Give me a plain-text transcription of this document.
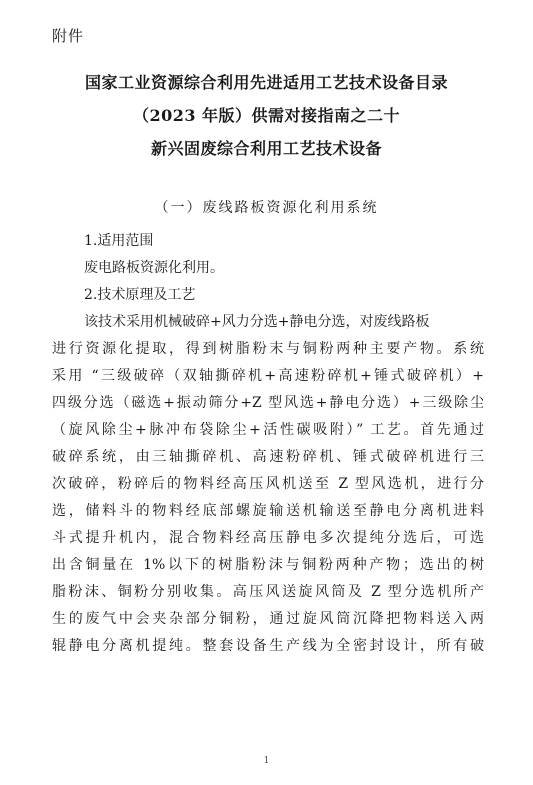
附件
国家工业资源综合利用先进适用工艺技术设备目录
（2023 年版）供需对接指南之二十
新兴固废综合利用工艺技术设备
（一）废线路板资源化利用系统
1.适用范围
废电路板资源化利用。
2.技术原理及工艺
该技术采用机械破碎+风力分选+静电分选，对废线路板
进行资源化提取，得到树脂粉末与铜粉两种主要产物。系统
采用 “三级破碎（双轴撕碎机+高速粉碎机+锤式破碎机）+
四级分选（磁选+振动筛分+Z 型风选+静电分选）+三级除尘
（旋风除尘+脉冲布袋除尘+活性碳吸附）” 工艺。首先通过
破碎系统，由三轴撕碎机、高速粉碎机、锤式破碎机进行三
次破碎，粉碎后的物料经高压风机送至 Z 型风选机，进行分
选，储料斗的物料经底部螺旋输送机输送至静电分离机进料
斗式提升机内，混合物料经高压静电多次提纯分选后，可选
出含铜量在 1%以下的树脂粉沫与铜粉两种产物；选出的树
脂粉沫、铜粉分别收集。高压风送旋风筒及 Z 型分选机所产
生的废气中会夹杂部分铜粉，通过旋风筒沉降把物料送入两
辊静电分离机提纯。整套设备生产线为全密封设计，所有破
1
